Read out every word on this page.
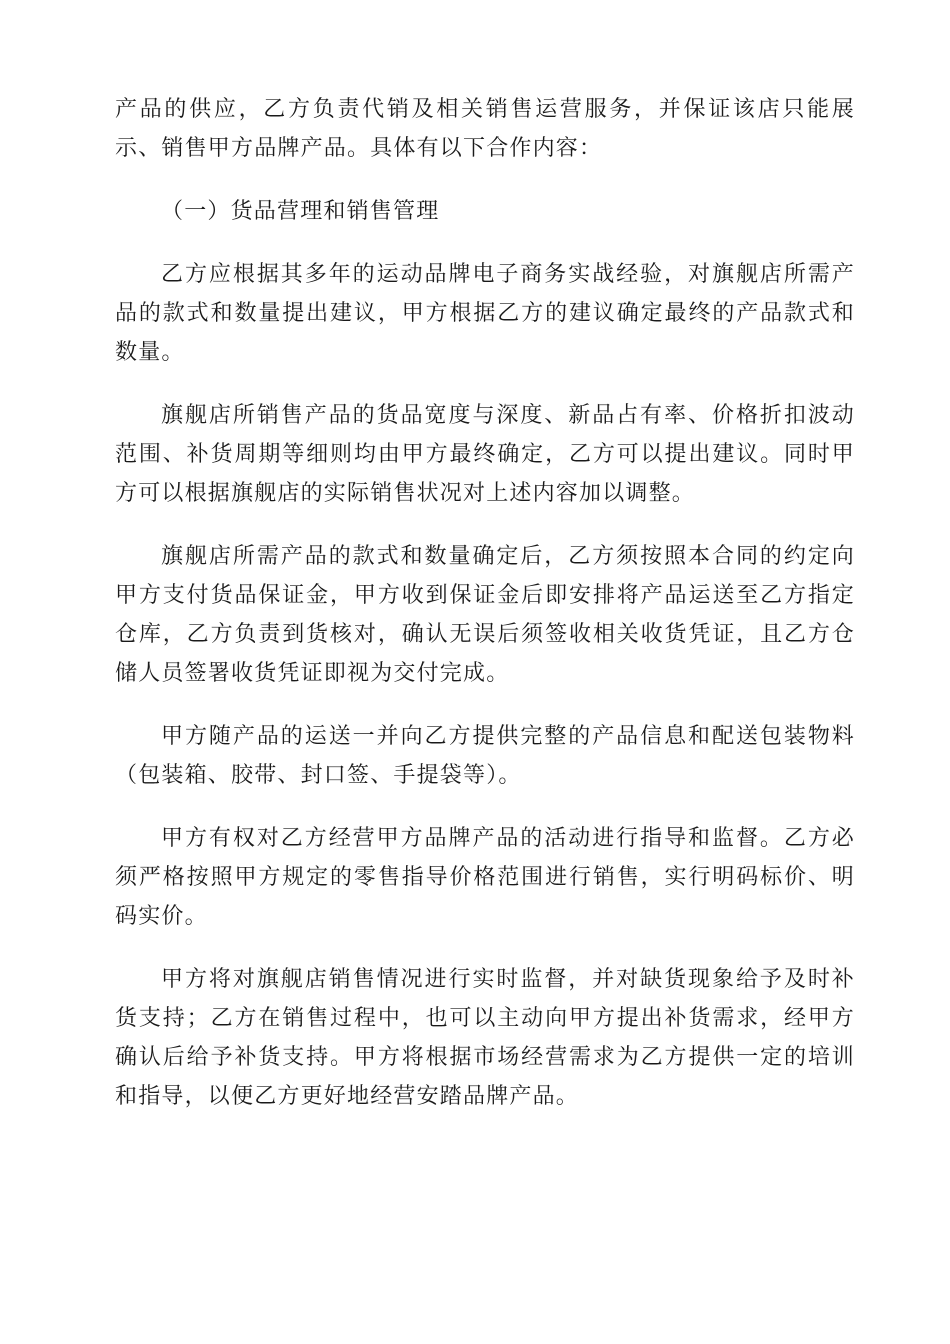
产品的供应，乙方负责代销及相关销售运营服务，并保证该店只能展示、销售甲方品牌产品。具体有以下合作内容：

（一）货品营理和销售管理

乙方应根据其多年的运动品牌电子商务实战经验，对旗舰店所需产品的款式和数量提出建议，甲方根据乙方的建议确定最终的产品款式和数量。

旗舰店所销售产品的货品宽度与深度、新品占有率、价格折扣波动范围、补货周期等细则均由甲方最终确定，乙方可以提出建议。同时甲方可以根据旗舰店的实际销售状况对上述内容加以调整。

旗舰店所需产品的款式和数量确定后，乙方须按照本合同的约定向甲方支付货品保证金，甲方收到保证金后即安排将产品运送至乙方指定仓库，乙方负责到货核对，确认无误后须签收相关收货凭证，且乙方仓储人员签署收货凭证即视为交付完成。

甲方随产品的运送一并向乙方提供完整的产品信息和配送包装物料（包装箱、胶带、封口签、手提袋等）。

甲方有权对乙方经营甲方品牌产品的活动进行指导和监督。乙方必须严格按照甲方规定的零售指导价格范围进行销售，实行明码标价、明码实价。

甲方将对旗舰店销售情况进行实时监督，并对缺货现象给予及时补货支持；乙方在销售过程中，也可以主动向甲方提出补货需求，经甲方确认后给予补货支持。甲方将根据市场经营需求为乙方提供一定的培训和指导，以便乙方更好地经营安踏品牌产品。
